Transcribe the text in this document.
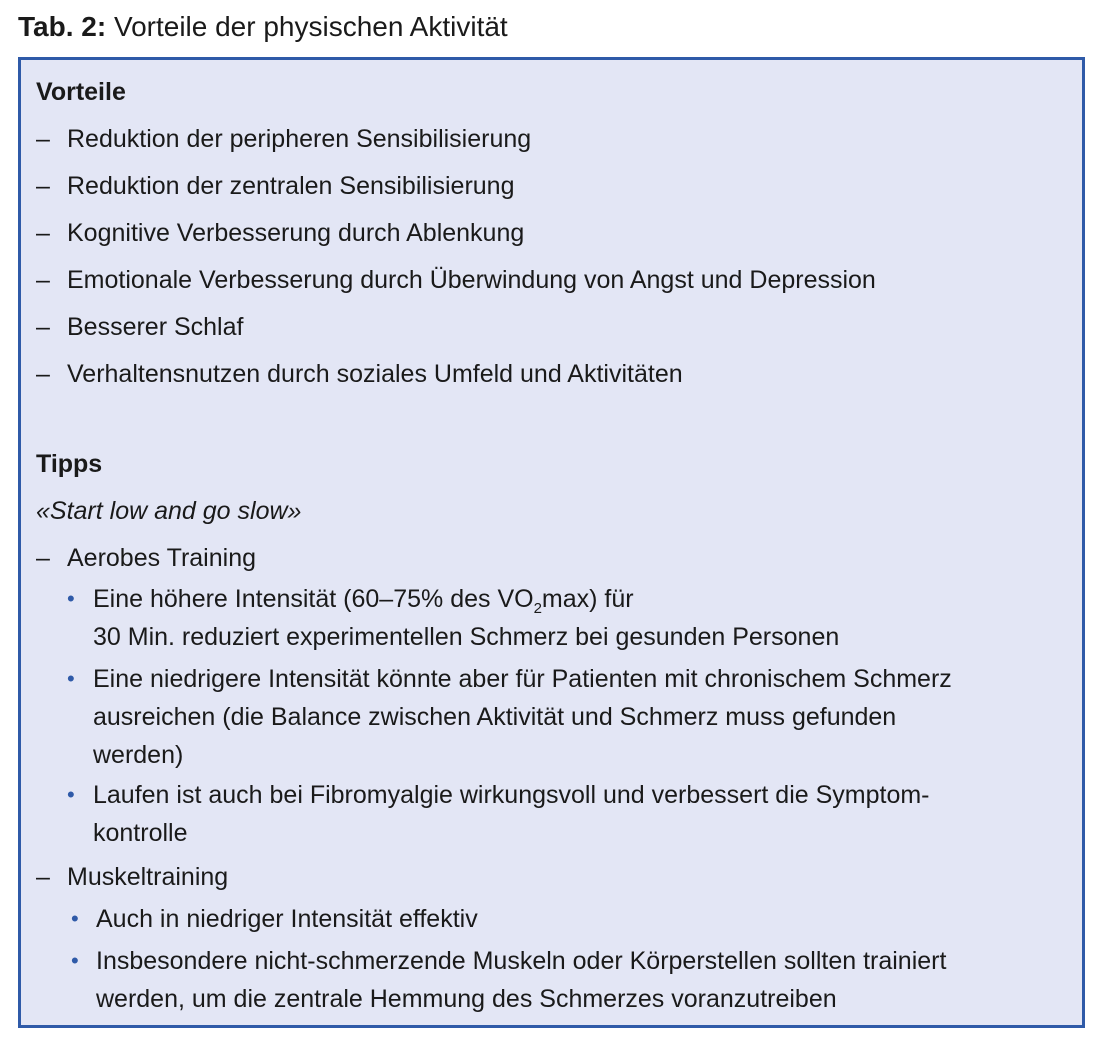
Tab. 2: Vorteile der physischen Aktivität
Vorteile
– Reduktion der peripheren Sensibilisierung
– Reduktion der zentralen Sensibilisierung
– Kognitive Verbesserung durch Ablenkung
– Emotionale Verbesserung durch Überwindung von Angst und Depression
– Besserer Schlaf
– Verhaltensnutzen durch soziales Umfeld und Aktivitäten
Tipps
«Start low and go slow»
– Aerobes Training
• Eine höhere Intensität (60–75% des $VO_2\max$) für
30 Min. reduziert experimentellen Schmerz bei gesunden Personen
• Eine niedrigere Intensität könnte aber für Patienten mit chronischem Schmerz
ausreichen (die Balance zwischen Aktivität und Schmerz muss gefunden
werden)
• Laufen ist auch bei Fibromyalgie wirkungsvoll und verbessert die Symptom-
kontrolle
– Muskeltraining
• Auch in niedriger Intensität effektiv
• Insbesondere nicht-schmerzende Muskeln oder Körperstellen sollten trainiert
werden, um die zentrale Hemmung des Schmerzes voranzutreiben
